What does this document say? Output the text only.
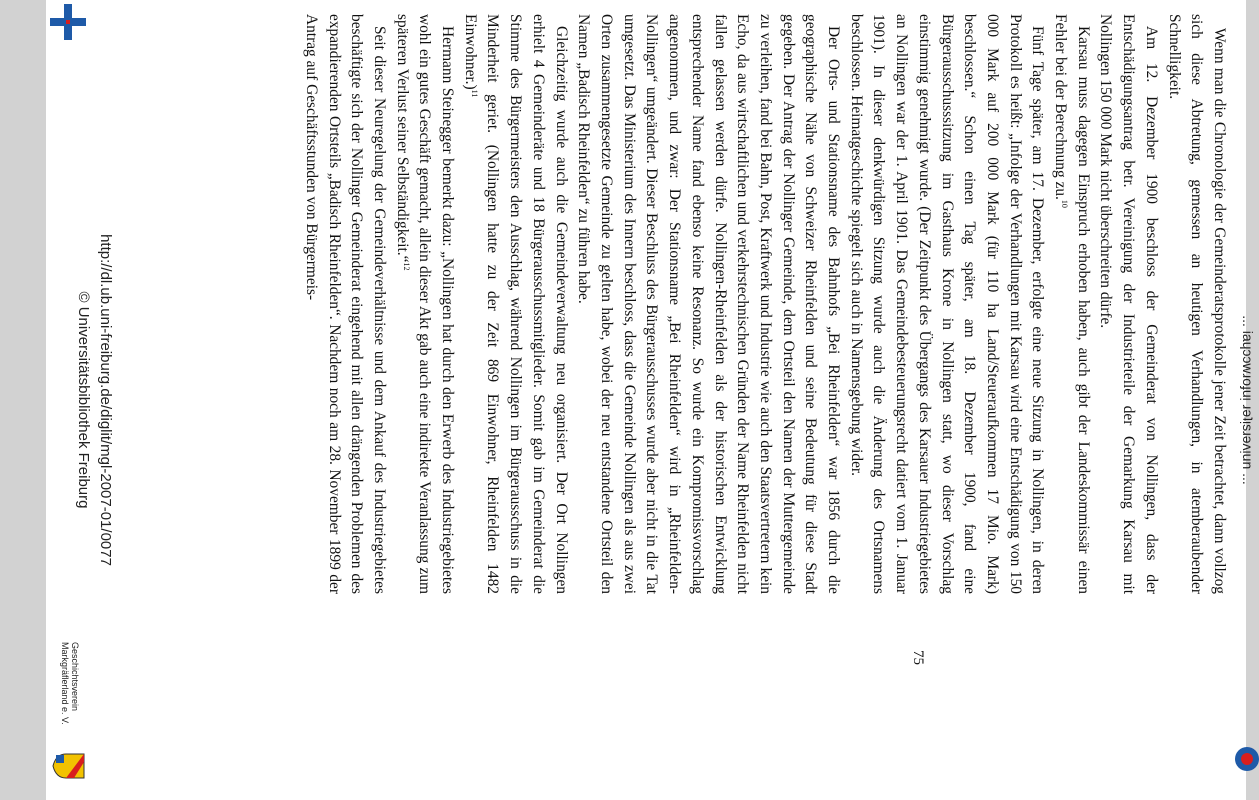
... iaɥɔɔwɹoɟuᴉ ɹǝʇᴉsɹǝʌᴉun ...

Wenn man die Chronologie der Gemeinderatsprotokolle jener Zeit betrachtet, dann vollzog sich diese Abtretung, gemessen an heutigen Verhandlungen, in atemberaubender Schnelligkeit.

Am 12. Dezember 1900 beschloss der Gemeinderat von Nollingen, dass der Entschädigungsantrag betr. Vereinigung der Industrieteile der Gemarkung Karsau mit Nollingen 150 000 Mark nicht überschreiten dürfe.

Karsau muss dagegen Einspruch erhoben haben, auch gibt der Landeskommissär einen Fehler bei der Berechnung zu.$^{10}$

Fünf Tage später, am 17. Dezember, erfolgte eine neue Sitzung in Nollingen, in deren Protokoll es heißt: „Infolge der Verhandlungen mit Karsau wird eine Entschädigung von 150 000 Mark auf 200 000 Mark (für 110 ha Land/Steueraufkommen 17 Mio. Mark) beschlossen.“ Schon einen Tag später, am 18. Dezember 1900, fand eine Bürgerausschusssitzung im Gasthaus Krone in Nollingen statt, wo dieser Vorschlag einstimmig genehmigt wurde. (Der Zeitpunkt des Übergangs des Karsauer Industriegebietes an Nollingen war der 1. April 1901. Das Gemeindebesteuerungsrecht datiert vom 1. Januar 1901). In dieser denkwürdigen Sitzung wurde auch die Änderung des Ortsnamens beschlossen. Heimatgeschichte spiegelt sich auch in Namensgebung wider.

Der Orts- und Stationsname des Bahnhofs „Bei Rheinfelden“ war 1856 durch die geographische Nähe von Schweizer Rheinfelden und seine Bedeutung für diese Stadt gegeben. Der Antrag der Nollinger Gemeinde, dem Ortsteil den Namen der Muttergemeinde zu verleihen, fand bei Bahn, Post, Kraftwerk und Industrie wie auch den Staatsvertretern kein Echo, da aus wirtschaftlichen und verkehrstechnischen Gründen der Name Rheinfelden nicht fallen gelassen werden dürfe. Nollingen-Rheinfelden als der historischen Entwicklung entsprechender Name fand ebenso keine Resonanz. So wurde ein Kompromissvorschlag angenommen, und zwar: Der Stationsname „Bei Rheinfelden“ wird in „Rheinfelden-Nollingen“ umgeändert. Dieser Beschluss des Bürgerausschusses wurde aber nicht in die Tat umgesetzt. Das Ministerium des Innern beschloss, dass die Gemeinde Nollingen als aus zwei Orten zusammengesetzte Gemeinde zu gelten habe, wobei der neu entstandene Ortsteil den Namen „Badisch Rheinfelden“ zu führen habe.

Gleichzeitig wurde auch die Gemeindeverwaltung neu organisiert. Der Ort Nollingen erhielt 4 Gemeinderäte und 18 Bürgerausschussmitglieder. Somit gab im Gemeinderat die Stimme des Bürgermeisters den Ausschlag, während Nollingen im Bürgerausschuss in die Minderheit geriet. (Nollingen hatte zu der Zeit 869 Einwohner, Rheinfelden 1482 Einwohner.)$^{11}$

Hermann Steinegger bemerkt dazu: „Nollingen hat durch den Erwerb des Industriegebietes wohl ein gutes Geschäft gemacht, allein dieser Akt gab auch eine indirekte Veranlassung zum späteren Verlust seiner Selbständigkeit.“$^{12}$

Seit dieser Neuregelung der Gemeindeverhältnisse und dem Ankauf des Industriegebietes beschäftigte sich der Nollinger Gemeinderat eingehend mit allen drängenden Problemen des expandierenden Ortsteils „Badisch Rheinfelden“. Nachdem noch am 28. November 1899 der Antrag auf Geschäftsstunden von Bürgermeis-

75
http://dl.ub.uni-freiburg.de/diglit/mgl-2007-01/0077
© Universitätsbibliothek Freiburg
Geschichtsverein
Markgräflerland e. V.
